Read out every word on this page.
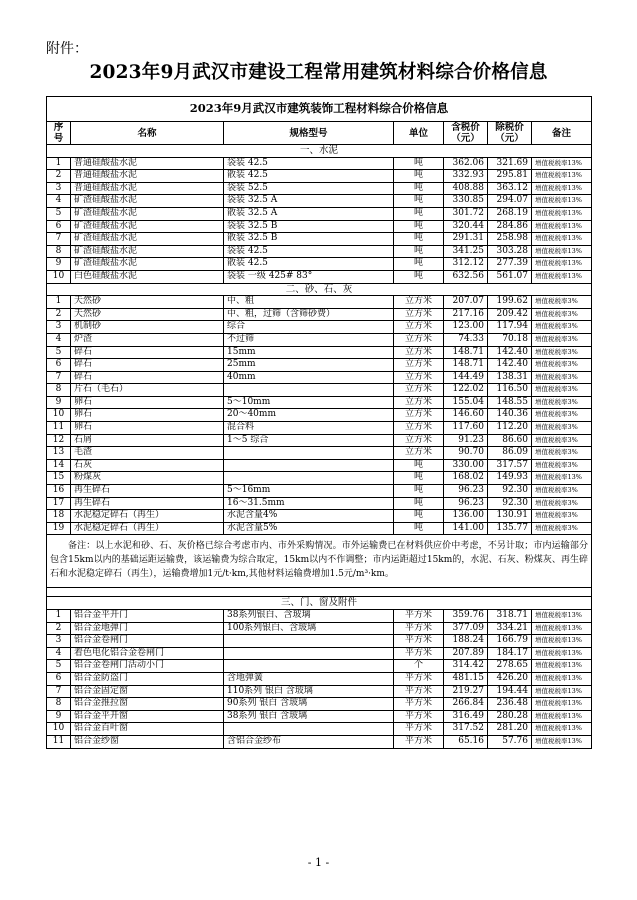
附件：
2023年9月武汉市建设工程常用建筑材料综合价格信息
2023年9月武汉市建筑装饰工程材料综合价格信息						
序号	名称	规格型号	单位	含税价（元）	除税价（元）	备注
一、水泥						
1	普通硅酸盐水泥	袋装 42.5	吨	362.06	321.69	增值税税率13%
2	普通硅酸盐水泥	散装 42.5	吨	332.93	295.81	增值税税率13%
3	普通硅酸盐水泥	袋装 52.5	吨	408.88	363.12	增值税税率13%
4	矿渣硅酸盐水泥	袋装 32.5 A	吨	330.85	294.07	增值税税率13%
5	矿渣硅酸盐水泥	散装 32.5 A	吨	301.72	268.19	增值税税率13%
6	矿渣硅酸盐水泥	袋装 32.5 B	吨	320.44	284.86	增值税税率13%
7	矿渣硅酸盐水泥	散装 32.5 B	吨	291.31	258.98	增值税税率13%
8	矿渣硅酸盐水泥	袋装 42.5	吨	341.25	303.28	增值税税率13%
9	矿渣硅酸盐水泥	散装 42.5	吨	312.12	277.39	增值税税率13%
10	白色硅酸盐水泥	袋装 一级 425# 83°	吨	632.56	561.07	增值税税率13%
二、砂、石、灰						
1	天然砂	中、粗	立方米	207.07	199.62	增值税税率3%
2	天然砂	中、粗，过筛（含筛砂费）	立方米	217.16	209.42	增值税税率3%
3	机制砂	综合	立方米	123.00	117.94	增值税税率3%
4	炉渣	不过筛	立方米	74.33	70.18	增值税税率3%
5	碎石	15mm	立方米	148.71	142.40	增值税税率3%
6	碎石	25mm	立方米	148.71	142.40	增值税税率3%
7	碎石	40mm	立方米	144.49	138.31	增值税税率3%
8	片石（毛石）		立方米	122.02	116.50	增值税税率3%
9	卵石	5～10mm	立方米	155.04	148.55	增值税税率3%
10	卵石	20～40mm	立方米	146.60	140.36	增值税税率3%
11	卵石	混合料	立方米	117.60	112.20	增值税税率3%
12	石屑	1～5 综合	立方米	91.23	86.60	增值税税率3%
13	毛渣		立方米	90.70	86.09	增值税税率3%
14	石灰		吨	330.00	317.57	增值税税率3%
15	粉煤灰		吨	168.02	149.93	增值税税率13%
16	再生碎石	5～16mm	吨	96.23	92.30	增值税税率3%
17	再生碎石	16～31.5mm	吨	96.23	92.30	增值税税率3%
18	水泥稳定碎石（再生）	水泥含量4%	吨	136.00	130.91	增值税税率3%
19	水泥稳定碎石（再生）	水泥含量5%	吨	141.00	135.77	增值税税率3%
备注：以上水泥和砂、石、灰价格已综合考虑市内、市外采购情况。市外运输费已在材料供应价中考虑，不另计取；市内运输部分包含15km以内的基础运距运输费，该运输费为综合取定，15km以内不作调整；市内运距超过15km的，水泥、石灰、粉煤灰、再生碎石和水泥稳定碎石（再生），运输费增加1元/t·km,其他材料运输费增加1.5元/m³·km。						

三、门、窗及附件						
1	铝合金平开门	38系列银白、含玻璃	平方米	359.76	318.71	增值税税率13%
2	铝合金地弹门	100系列银白、含玻璃	平方米	377.09	334.21	增值税税率13%
3	铝合金卷闸门		平方米	188.24	166.79	增值税税率13%
4	着色电化铝合金卷闸门		平方米	207.89	184.17	增值税税率13%
5	铝合金卷闸门活动小门		个	314.42	278.65	增值税税率13%
6	铝合金防盗门	含地弹簧	平方米	481.15	426.20	增值税税率13%
7	铝合金固定窗	110系列 银白 含玻璃	平方米	219.27	194.44	增值税税率13%
8	铝合金推拉窗	90系列 银白 含玻璃	平方米	266.84	236.48	增值税税率13%
9	铝合金平开窗	38系列 银白 含玻璃	平方米	316.49	280.28	增值税税率13%
10	铝合金百叶窗		平方米	317.52	281.20	增值税税率13%
11	铝合金纱窗	含铝合金纱布	平方米	65.16	57.76	增值税税率13%
- 1 -
